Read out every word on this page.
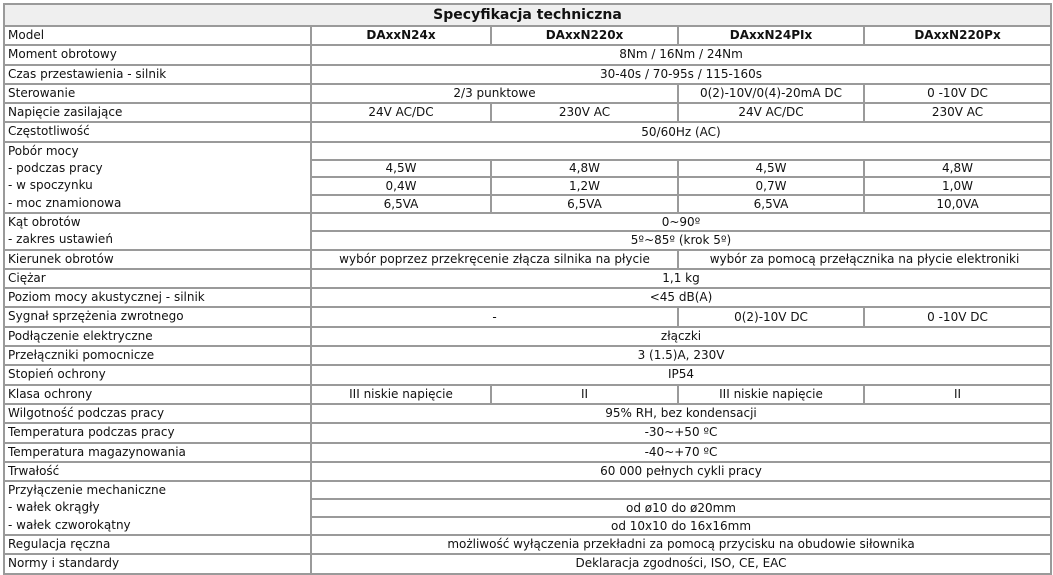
Specyfikacja techniczna				

Model	DAxxN24x	DAxxN220x	DAxxN24PIx	DAxxN220Px

Moment obrotowy	8Nm / 16Nm / 24Nm			

Czas przestawienia - silnik	30-40s / 70-95s / 115-160s			

Sterowanie	2/3 punktowe		0(2)-10V/0(4)-20mA DC	0 -10V DC

Napięcie zasilające	24V AC/DC	230V AC	24V AC/DC	230V AC

Częstotliwość	50/60Hz (AC)			

Pobór mocy
- podczas pracy
- w spoczynku
- moc znamionowa				

	4,5W	4,8W	4,5W	4,8W
	0,4W	1,2W	0,7W	1,0W
	6,5VA	6,5VA	6,5VA	10,0VA

Kąt obrotów
- zakres ustawień	0~90º			
	5º~85º (krok 5º)			

Kierunek obrotów	wybór poprzez przekręcenie złącza silnika na płycie		wybór za pomocą przełącznika na płycie elektroniki	

Ciężar	1,1 kg			

Poziom mocy akustycznej - silnik	<45 dB(A)			

Sygnał sprzężenia zwrotnego	-		0(2)-10V DC	0 -10V DC

Podłączenie elektryczne	złączki			

Przełączniki pomocnicze	3 (1.5)A, 230V			

Stopień ochrony	IP54			

Klasa ochrony	III niskie napięcie	II	III niskie napięcie	II

Wilgotność podczas pracy	95% RH, bez kondensacji			

Temperatura podczas pracy	-30~+50 ºC			

Temperatura magazynowania	-40~+70 ºC			

Trwałość	60 000 pełnych cykli pracy			

Przyłączenie mechaniczne
- wałek okrągły
- wałek czworokątny				

	od ø10 do ø20mm			
	od 10x10 do 16x16mm			

Regulacja ręczna	możliwość wyłączenia przekładni za pomocą przycisku na obudowie siłownika			

Normy i standardy	Deklaracja zgodności, ISO, CE, EAC			
